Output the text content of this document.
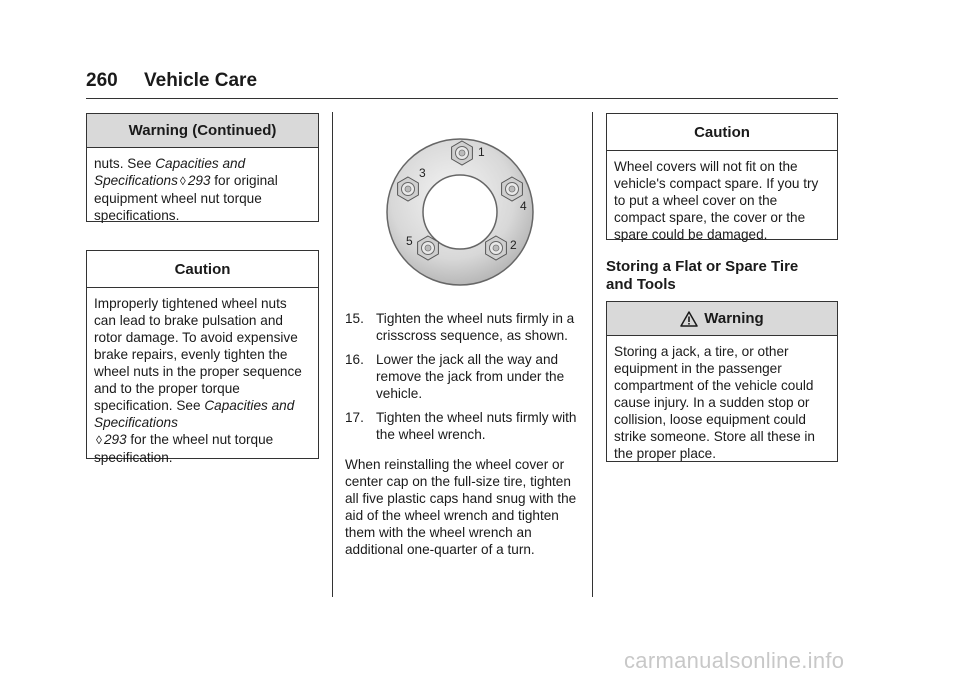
260 Vehicle Care
Warning (Continued)
nuts. See Capacities and Specifications ◊ 293 for original equipment wheel nut torque specifications.
Caution
Improperly tightened wheel nuts can lead to brake pulsation and rotor damage. To avoid expensive brake repairs, evenly tighten the wheel nuts in the proper sequence and to the proper torque specification. See Capacities and Specifications
◊ 293 for the wheel nut torque specification.
1
2
3
4
5
15. Tighten the wheel nuts firmly in a crisscross sequence, as shown.
16. Lower the jack all the way and remove the jack from under the vehicle.
17. Tighten the wheel nuts firmly with the wheel wrench.
When reinstalling the wheel cover or center cap on the full-size tire, tighten all five plastic caps hand snug with the aid of the wheel wrench and tighten them with the wheel wrench an additional one-quarter of a turn.
Caution
Wheel covers will not fit on the vehicle's compact spare. If you try to put a wheel cover on the compact spare, the cover or the spare could be damaged.
Storing a Flat or Spare Tire and Tools
Warning
Storing a jack, a tire, or other equipment in the passenger compartment of the vehicle could cause injury. In a sudden stop or collision, loose equipment could strike someone. Store all these in the proper place.
carmanualsonline.info
